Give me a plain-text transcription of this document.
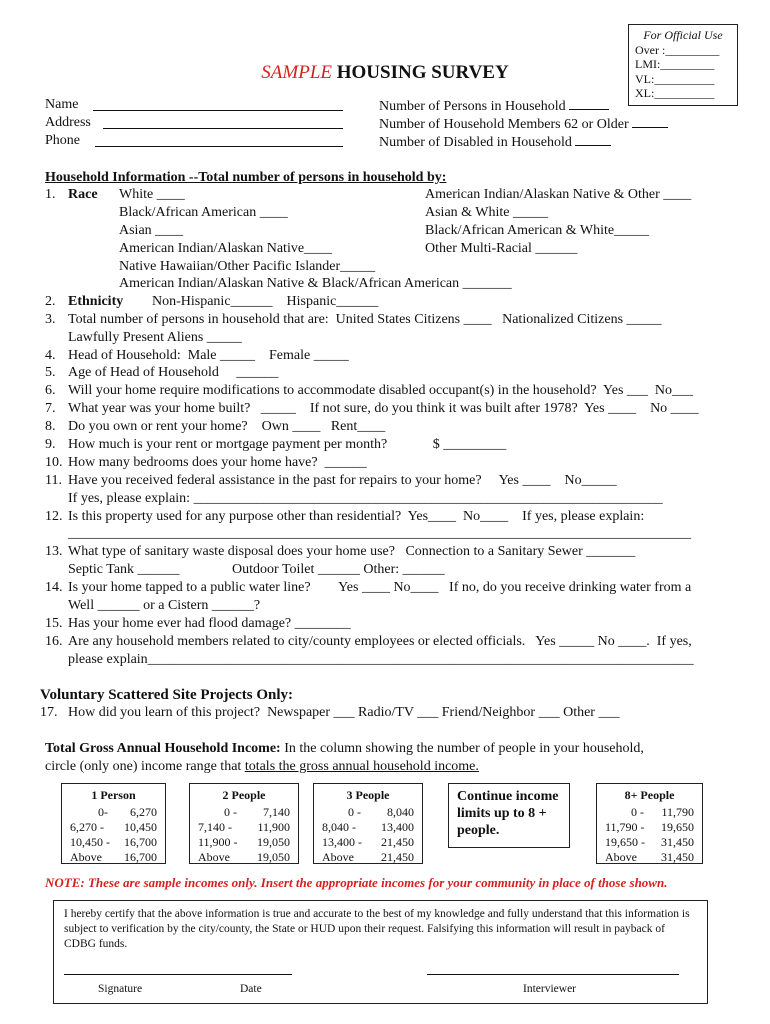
For Official Use
Over :_________
LMI:_________
VL:__________
XL:__________
SAMPLE HOUSING SURVEY
Name
Address
Phone
Number of Persons in Household
Number of Household Members 62 or Older
Number of Disabled in Household
Household Information --Total number of persons in household by:
1. Race White ____
Black/African American ____
Asian ____
American Indian/Alaskan Native____
Native Hawaiian/Other Pacific Islander_____
American Indian/Alaskan Native & Black/African American _______
American Indian/Alaskan Native & Other ____
Asian & White _____
Black/African American & White_____
Other Multi-Racial ______
2. Ethnicity Non-Hispanic______    Hispanic______
3. Total number of persons in household that are:  United States Citizens ____   Nationalized Citizens _____
Lawfully Present Aliens _____
4. Head of Household:  Male _____    Female _____
5. Age of Head of Household     ______
6. Will your home require modifications to accommodate disabled occupant(s) in the household?  Yes ___  No___
7. What year was your home built?   _____    If not sure, do you think it was built after 1978?  Yes ____    No ____
8. Do you own or rent your home?    Own ____   Rent____
9. How much is your rent or mortgage payment per month?             $ _________
10. How many bedrooms does your home have?  ______
11. Have you received federal assistance in the past for repairs to your home?     Yes ____    No_____
If yes, please explain: ___________________________________________________________________
12. Is this property used for any purpose other than residential?  Yes____  No____    If yes, please explain:
_________________________________________________________________________________________
13. What type of sanitary waste disposal does your home use?   Connection to a Sanitary Sewer _______
Septic Tank ______               Outdoor Toilet ______ Other: ______
14. Is your home tapped to a public water line?        Yes ____ No____   If no, do you receive drinking water from a
Well ______ or a Cistern ______?
15. Has your home ever had flood damage? ________
16. Are any household members related to city/county employees or elected officials.   Yes _____ No ____.  If yes,
please explain______________________________________________________________________________
Voluntary Scattered Site Projects Only:
17. How did you learn of this project?  Newspaper ___ Radio/TV ___ Friend/Neighbor ___ Other ___
Total Gross Annual Household Income: In the column showing the number of people in your household,
circle (only one) income range that totals the gross annual household income.
1 Person
0- 6,270
6,270 - 10,450
10,450 - 16,700
Above 16,700
2 People
0 - 7,140
7,140 - 11,900
11,900 - 19,050
Above 19,050
3 People
0 - 8,040
8,040 - 13,400
13,400 - 21,450
Above 21,450
Continue income limits up to 8 + people.
8+ People
0 - 11,790
11,790 - 19,650
19,650 - 31,450
Above 31,450
NOTE: These are sample incomes only. Insert the appropriate incomes for your community in place of those shown.
I hereby certify that the above information is true and accurate to the best of my knowledge and fully understand that this information is subject to verification by the city/county, the State or HUD upon their request. Falsifying this information will result in payback of CDBG funds.
Signature	Date	Interviewer
